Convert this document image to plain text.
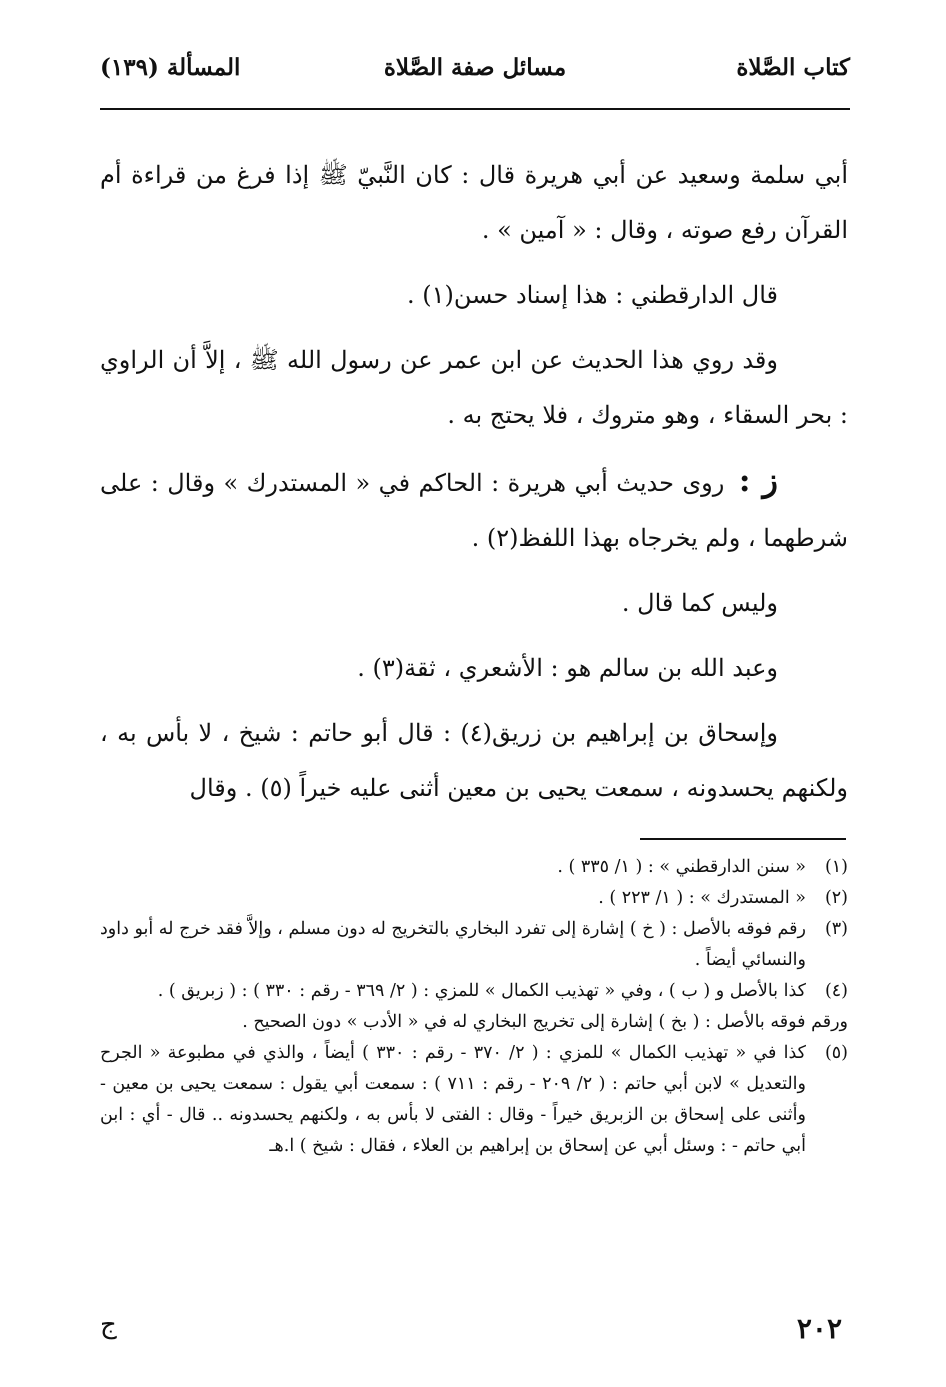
كتاب الصَّلاة
مسائل صفة الصَّلاة
المسألة (١٣٩)

أبي سلمة وسعيد عن أبي هريرة قال : كان النَّبيّ ﷺ إذا فرغ من قراءة أم القرآن رفع صوته ، وقال : « آمين » .

قال الدارقطني : هذا إسناد حسن(١) .

وقد روي هذا الحديث عن ابن عمر عن رسول الله ﷺ ، إلاَّ أن الراوي : بحر السقاء ، وهو متروك ، فلا يحتج به .

ز : روى حديث أبي هريرة : الحاكم في « المستدرك » وقال : على شرطهما ، ولم يخرجاه بهذا اللفظ(٢) .

وليس كما قال .

وعبد الله بن سالم هو : الأشعري ، ثقة(٣) .

وإسحاق بن إبراهيم بن زريق(٤) : قال أبو حاتم : شيخ ، لا بأس به ، ولكنهم يحسدونه ، سمعت يحيى بن معين أثنى عليه خيراً (٥) . وقال

(١)
« سنن الدارقطني » : ( ١/ ٣٣٥ ) .
(٢)
« المستدرك » : ( ١/ ٢٢٣ ) .
(٣)
رقم فوقه بالأصل : ( خ ) إشارة إلى تفرد البخاري بالتخريج له دون مسلم ، وإلاَّ فقد خرج له أبو داود والنسائي أيضاً .
(٤)
كذا بالأصل و ( ب ) ، وفي « تهذيب الكمال » للمزي : ( ٢/ ٣٦٩ - رقم : ٣٣٠ ) : ( زبريق ) .
ورقم فوقه بالأصل : ( بخ ) إشارة إلى تخريج البخاري له في « الأدب » دون الصحيح .
(٥)
كذا في « تهذيب الكمال » للمزي : ( ٢/ ٣٧٠ - رقم : ٣٣٠ ) أيضاً ، والذي في مطبوعة « الجرح والتعديل » لابن أبي حاتم : ( ٢/ ٢٠٩ - رقم : ٧١١ ) : سمعت أبي يقول : سمعت يحيى بن معين - وأثنى على إسحاق بن الزبريق خيراً - وقال : الفتى لا بأس به ، ولكنهم يحسدونه .. قال - أي : ابن أبي حاتم - : وسئل أبي عن إسحاق بن إبراهيم بن العلاء ، فقال : شيخ ) ا.هـ
٢٠٢
ج
